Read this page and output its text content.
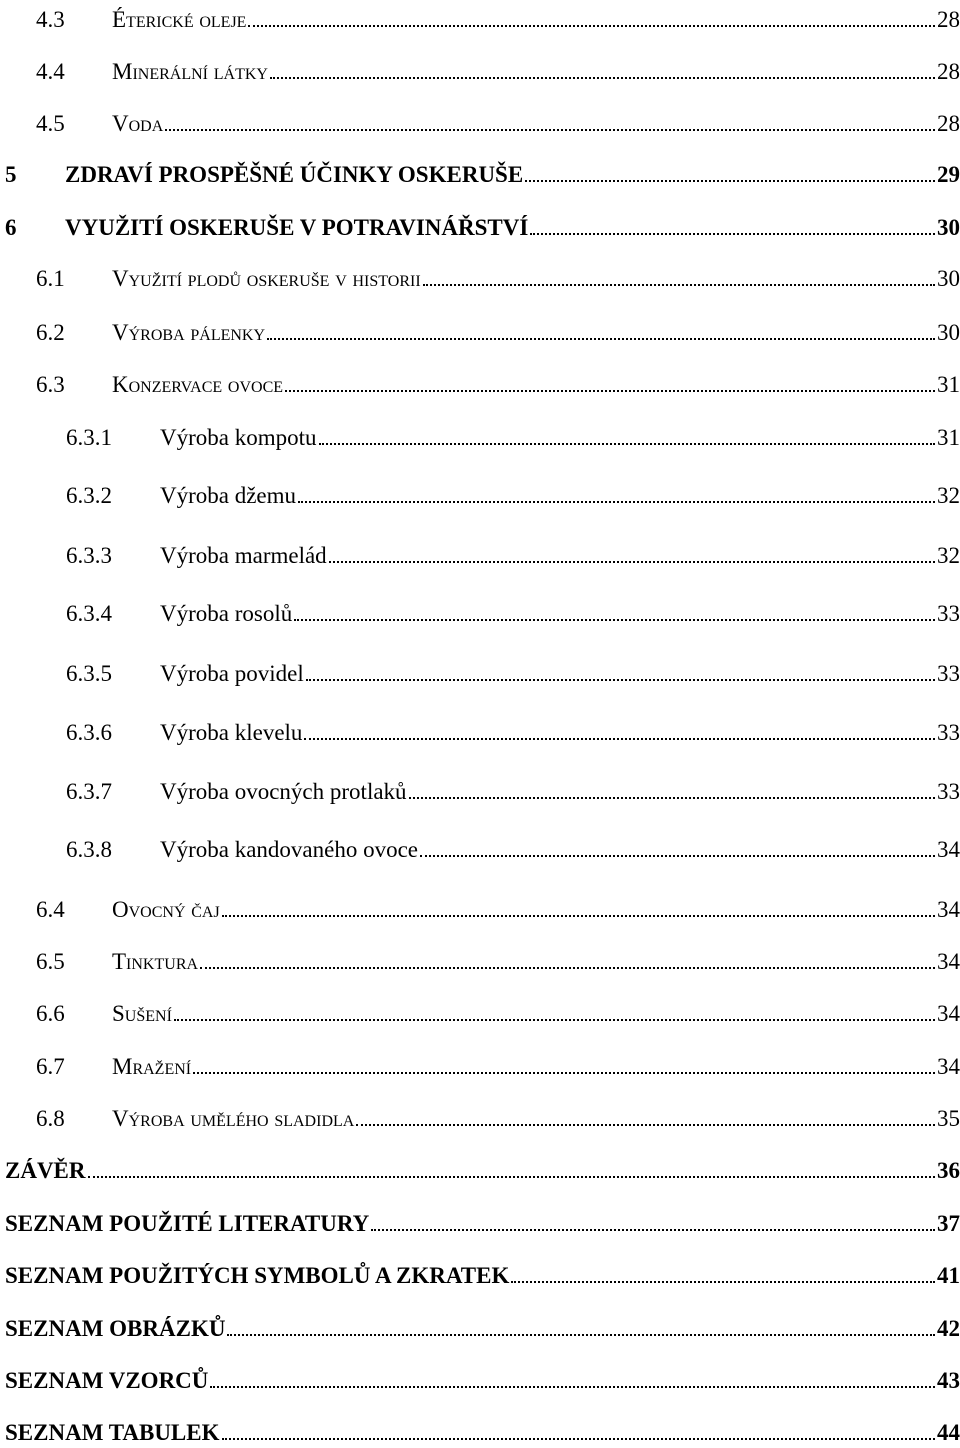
4.3	Éterické oleje	28
4.4	Minerální látky	28
4.5	Voda	28
5	ZDRAVÍ PROSPĚŠNÉ ÚČINKY OSKERUŠE	29
6	VYUŽITÍ OSKERUŠE V POTRAVINÁŘSTVÍ	30
6.1	Využití plodů oskeruše v historii	30
6.2	Výroba pálenky	30
6.3	Konzervace ovoce	31
6.3.1	Výroba kompotu	31
6.3.2	Výroba džemu	32
6.3.3	Výroba marmelád	32
6.3.4	Výroba rosolů	33
6.3.5	Výroba povidel	33
6.3.6	Výroba klevelu	33
6.3.7	Výroba ovocných protlaků	33
6.3.8	Výroba kandovaného ovoce	34
6.4	Ovocný čaj	34
6.5	Tinktura	34
6.6	Sušení	34
6.7	Mražení	34
6.8	Výroba umělého sladidla	35
ZÁVĚR	36
SEZNAM POUŽITÉ LITERATURY	37
SEZNAM POUŽITÝCH SYMBOLŮ A ZKRATEK	41
SEZNAM OBRÁZKŮ	42
SEZNAM VZORCŮ	43
SEZNAM TABULEK	44
